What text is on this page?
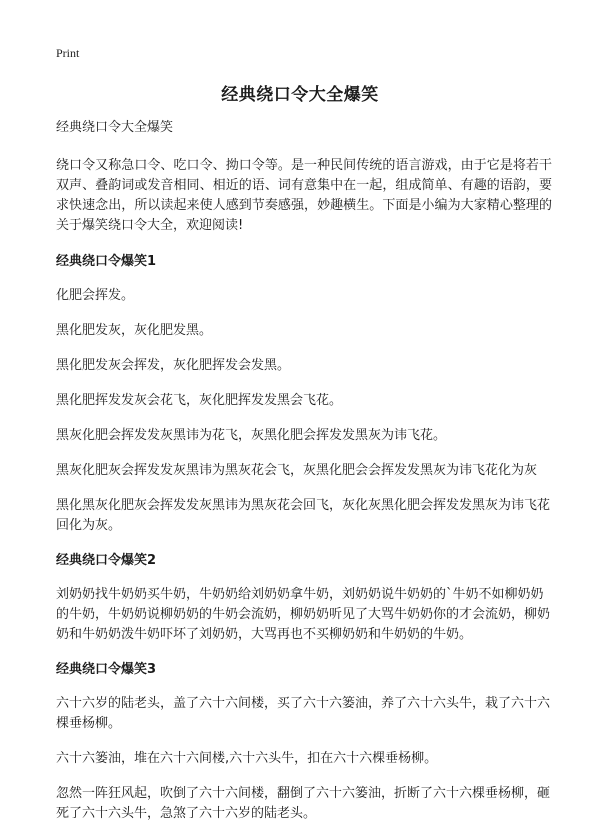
Print
经典绕口令大全爆笑

经典绕口令大全爆笑

绕口令又称急口令、吃口令、拗口令等。是一种民间传统的语言游戏，由于它是将若干双声、叠韵词或发音相同、相近的语、词有意集中在一起，组成简单、有趣的语韵，要求快速念出，所以读起来使人感到节奏感强，妙趣横生。下面是小编为大家精心整理的关于爆笑绕口令大全，欢迎阅读!

经典绕口令爆笑1

化肥会挥发。

黑化肥发灰，灰化肥发黑。

黑化肥发灰会挥发，灰化肥挥发会发黑。

黑化肥挥发发灰会花飞，灰化肥挥发发黑会飞花。

黑灰化肥会挥发发灰黑讳为花飞，灰黑化肥会挥发发黑灰为讳飞花。

黑灰化肥灰会挥发发灰黑讳为黑灰花会飞，灰黑化肥会会挥发发黑灰为讳飞花化为灰

黑化黑灰化肥灰会挥发发灰黑讳为黑灰花会回飞，灰化灰黑化肥会挥发发黑灰为讳飞花回化为灰。

经典绕口令爆笑2

刘奶奶找牛奶奶买牛奶，牛奶奶给刘奶奶拿牛奶，刘奶奶说牛奶奶的`牛奶不如柳奶奶的牛奶，牛奶奶说柳奶奶的牛奶会流奶，柳奶奶听见了大骂牛奶奶你的才会流奶，柳奶奶和牛奶奶泼牛奶吓坏了刘奶奶，大骂再也不买柳奶奶和牛奶奶的牛奶。

经典绕口令爆笑3

六十六岁的陆老头，盖了六十六间楼，买了六十六篓油，养了六十六头牛，栽了六十六棵垂杨柳。

六十六篓油，堆在六十六间楼,六十六头牛，扣在六十六棵垂杨柳。

忽然一阵狂风起，吹倒了六十六间楼，翻倒了六十六篓油，折断了六十六棵垂杨柳，砸死了六十六头牛，急煞了六十六岁的陆老头。
